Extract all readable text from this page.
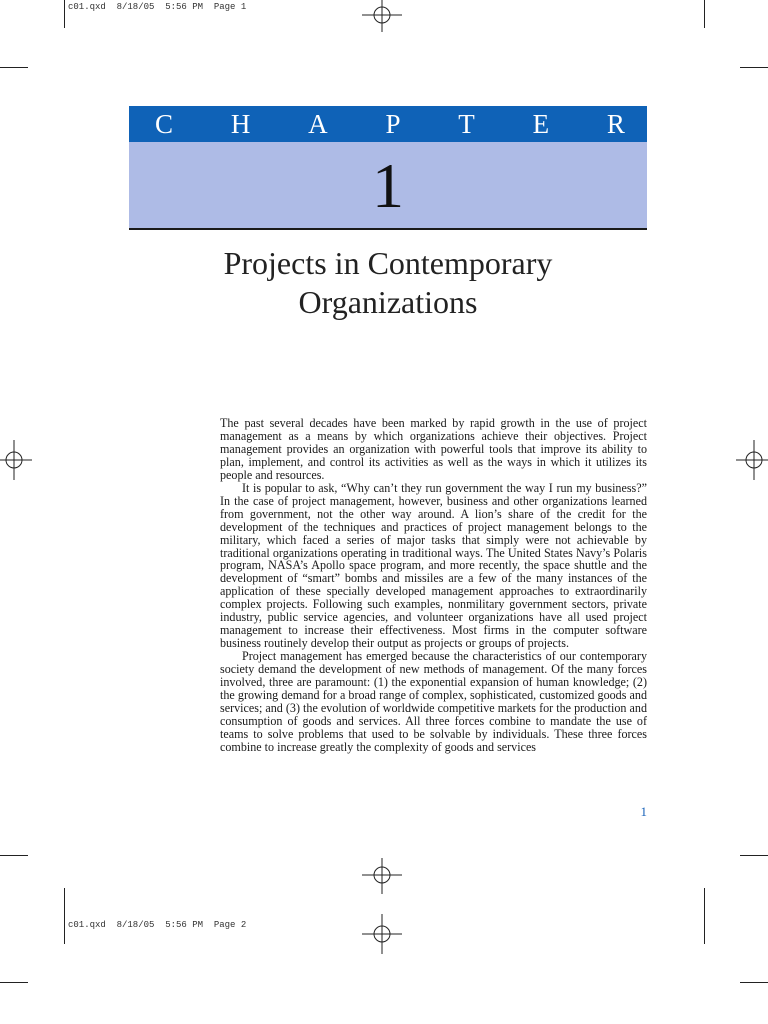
c01.qxd  8/18/05  5:56 PM  Page 1
c01.qxd  8/18/05  5:56 PM  Page 2
C H A P T E R
1
Projects in Contemporary
Organizations

The past several decades have been marked by rapid growth in the use of project management as a means by which organizations achieve their objectives. Project management provides an organization with powerful tools that improve its ability to plan, implement, and control its activities as well as the ways in which it utilizes its people and resources.

It is popular to ask, “Why can’t they run government the way I run my business?” In the case of project management, however, business and other organizations learned from government, not the other way around. A lion’s share of the credit for the development of the techniques and practices of project management belongs to the military, which faced a series of major tasks that simply were not achievable by traditional organizations operating in traditional ways. The United States Navy’s Polaris program, NASA’s Apollo space program, and more recently, the space shuttle and the development of “smart” bombs and missiles are a few of the many instances of the application of these specially developed management approaches to extraordinarily complex projects. Following such examples, nonmilitary government sectors, private industry, public service agencies, and volunteer organizations have all used project management to increase their effectiveness. Most firms in the computer software business routinely develop their output as projects or groups of projects.

Project management has emerged because the characteristics of our contemporary society demand the development of new methods of management. Of the many forces involved, three are paramount: (1) the exponential expansion of human knowledge; (2) the growing demand for a broad range of complex, sophisticated, customized goods and services; and (3) the evolution of worldwide competitive markets for the production and consumption of goods and services. All three forces combine to mandate the use of teams to solve problems that used to be solvable by individuals. These three forces combine to increase greatly the complexity of goods and services

1
